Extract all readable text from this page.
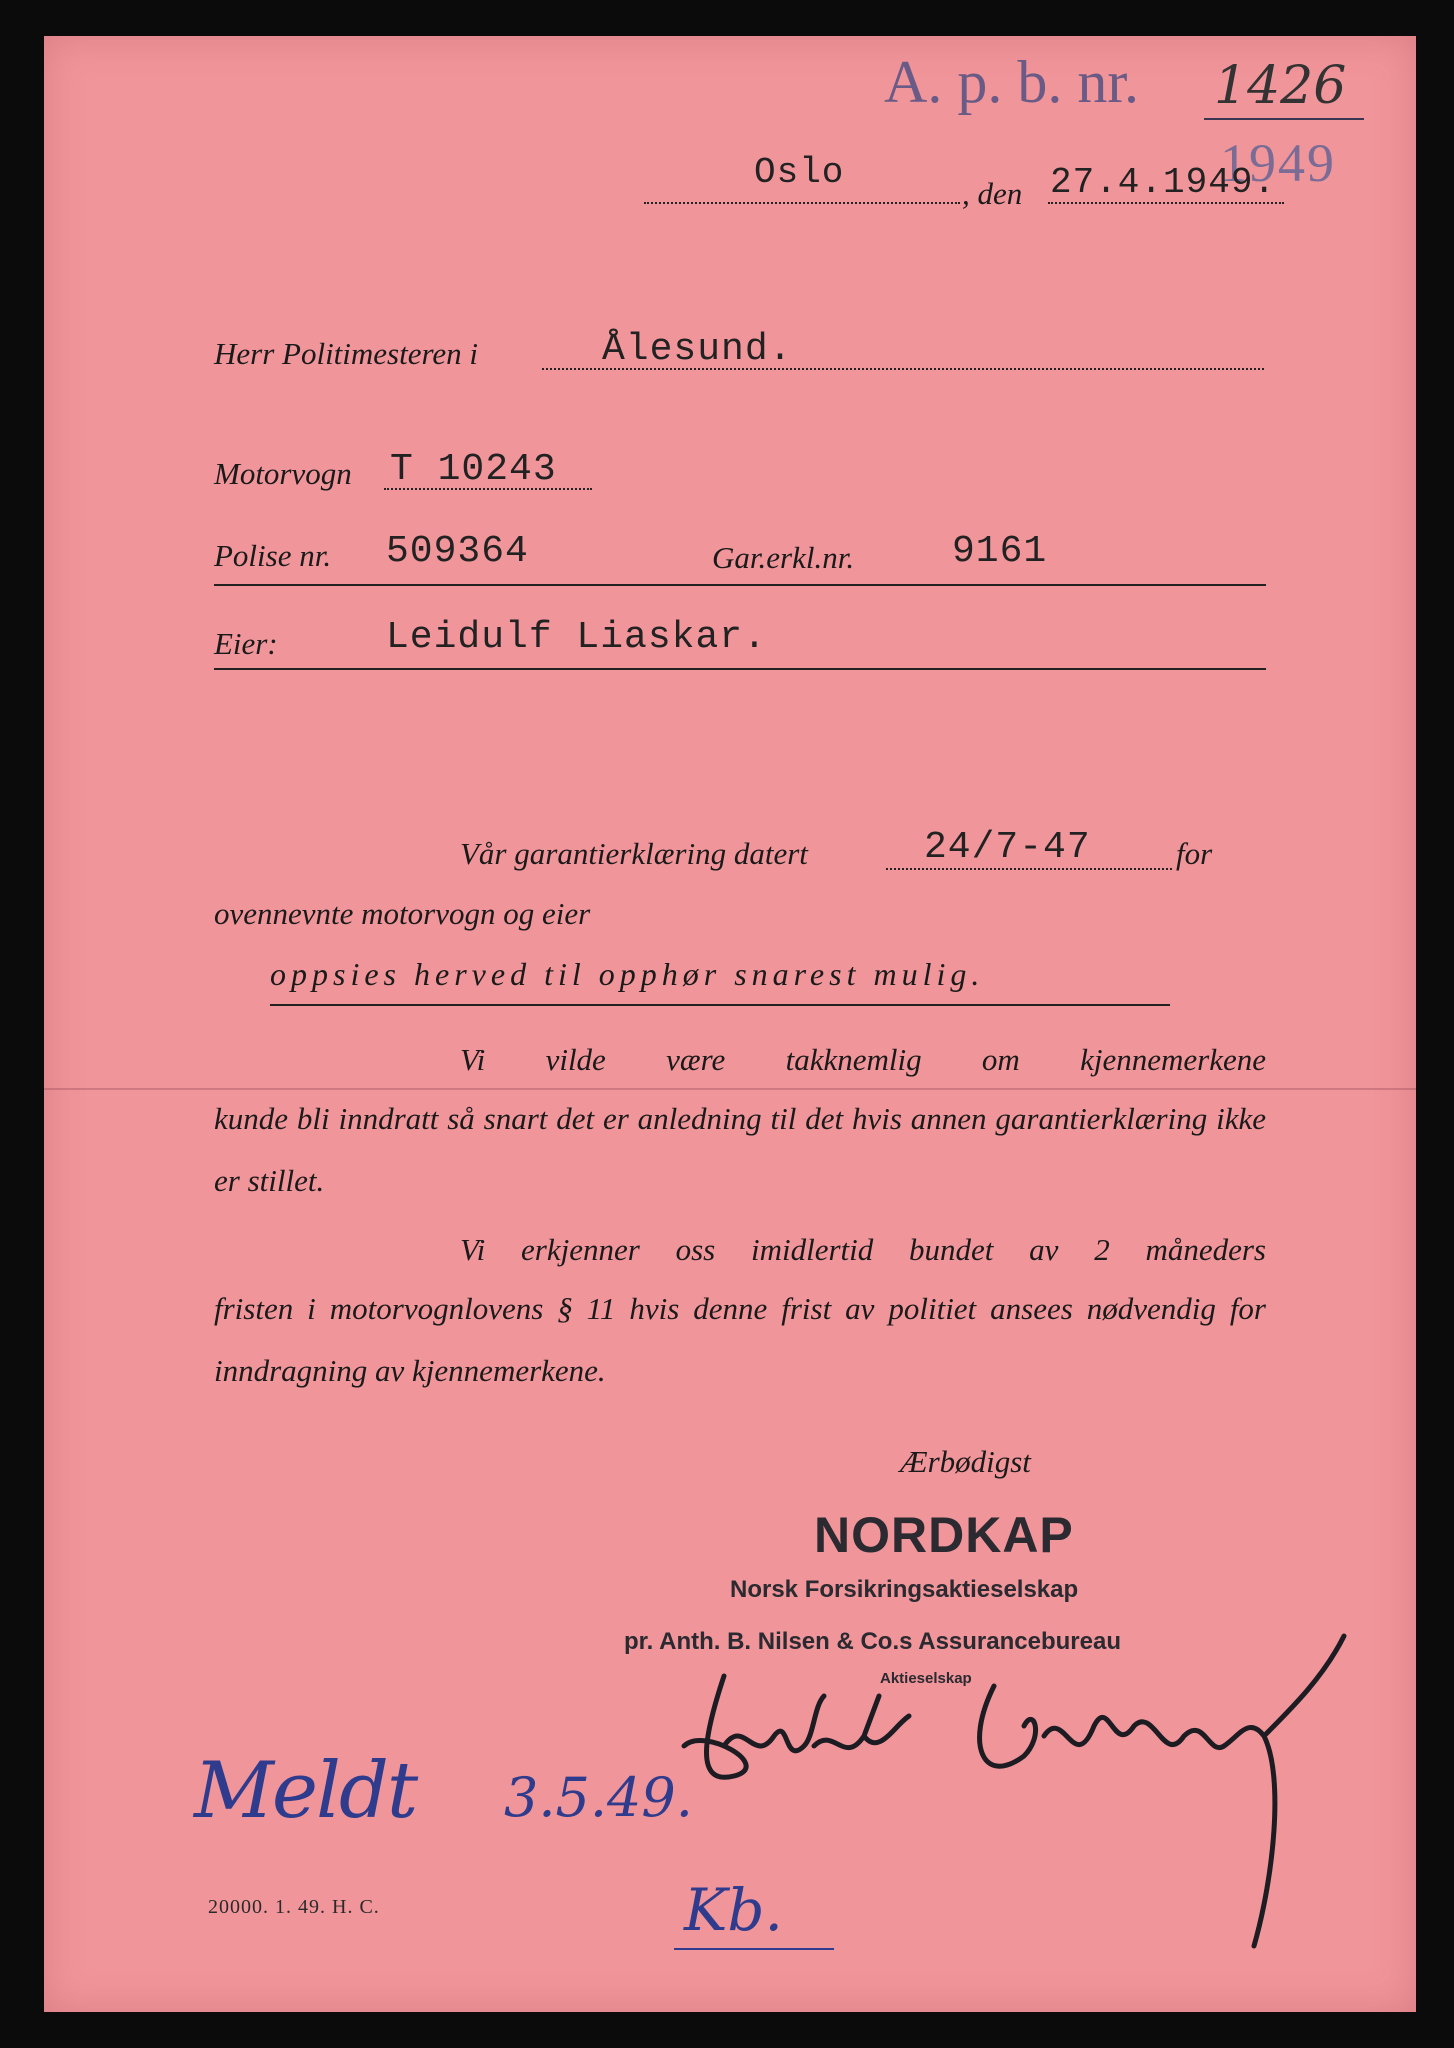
A. p. b. nr. 1426
1949
Oslo
, den 27.4.1949.
Herr Politimesteren i	Ålesund.
Motorvogn T 10243
Polise nr. 509364	Gar.erkl.nr.	9161
Eier:	Leidulf Liaskar.
Vår garantierklæring datert	24/7-47	for
ovennevnte motorvogn og eier
oppsies herved til opphør snarest mulig.
Vi vilde være takknemlig om kjennemerkene
kunde bli inndratt så snart det er anledning til det hvis annen garantierklæring ikke er stillet.
Vi erkjenner oss imidlertid bundet av 2 måneders
fristen i motorvognlovens § 11 hvis denne frist av politiet ansees nødvendig for inndragning av kjennemerkene.
Ærbødigst
NORDKAP
Norsk Forsikringsaktieselskap
pr. Anth. B. Nilsen & Co.s Assurancebureau
Aktieselskap
Meldt 3.5.49.
Kb.
20000. 1. 49. H. C.
